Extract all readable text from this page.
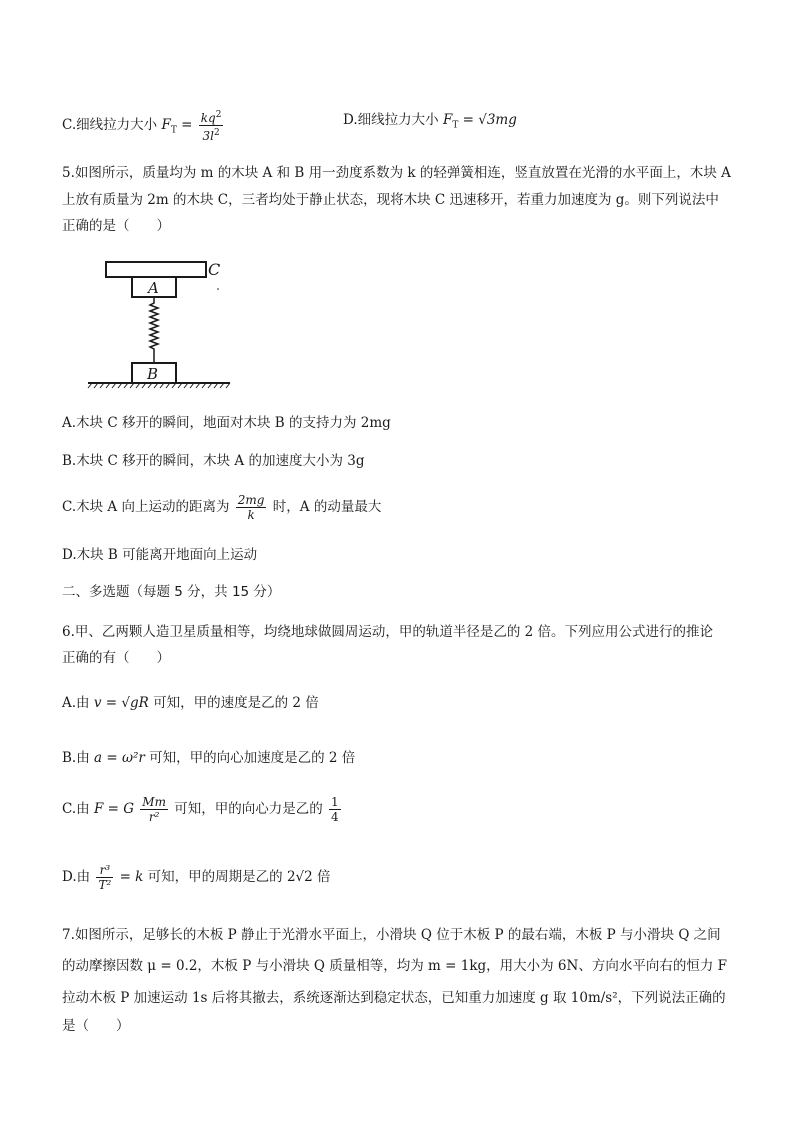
C.细线拉力大小 $F_T = \frac{kq^2}{3l^2}$	D.细线拉力大小 $F_T = √3mg$
5.如图所示，质量均为 m 的木块 A 和 B 用一劲度系数为 k 的轻弹簧相连，竖直放置在光滑的水平面上，木块 A
上放有质量为 2m 的木块 C，三者均处于静止状态，现将木块 C 迅速移开，若重力加速度为 g。则下列说法中
正确的是（　　）
C
A
B
A.木块 C 移开的瞬间，地面对木块 B 的支持力为 2mg
B.木块 C 移开的瞬间，木块 A 的加速度大小为 3g
C.木块 A 向上运动的距离为 $\frac{2mg}{k}$ 时，A 的动量最大
D.木块 B 可能离开地面向上运动
二、多选题（每题 5 分，共 15 分）
6.甲、乙两颗人造卫星质量相等，均绕地球做圆周运动，甲的轨道半径是乙的 2 倍。下列应用公式进行的推论
正确的有（　　）
A.由 v = √gR 可知，甲的速度是乙的 2 倍
B.由 a = ω²r 可知，甲的向心加速度是乙的 2 倍
C.由 F = G $\frac{Mm}{\text{r²}}$ 可知，甲的向心力是乙的 $\frac{1}{4}$
D.由 $\frac{\text{r³}}{\text{T²}} = k$ 可知，甲的周期是乙的 2√2 倍
7.如图所示，足够长的木板 P 静止于光滑水平面上，小滑块 Q 位于木板 P 的最右端，木板 P 与小滑块 Q 之间
的动摩擦因数 μ = 0.2，木板 P 与小滑块 Q 质量相等，均为 m = 1kg，用大小为 6N、方向水平向右的恒力 F
拉动木板 P 加速运动 1s 后将其撤去，系统逐渐达到稳定状态，已知重力加速度 g 取 10m/s²，下列说法正确的
是（　　）
